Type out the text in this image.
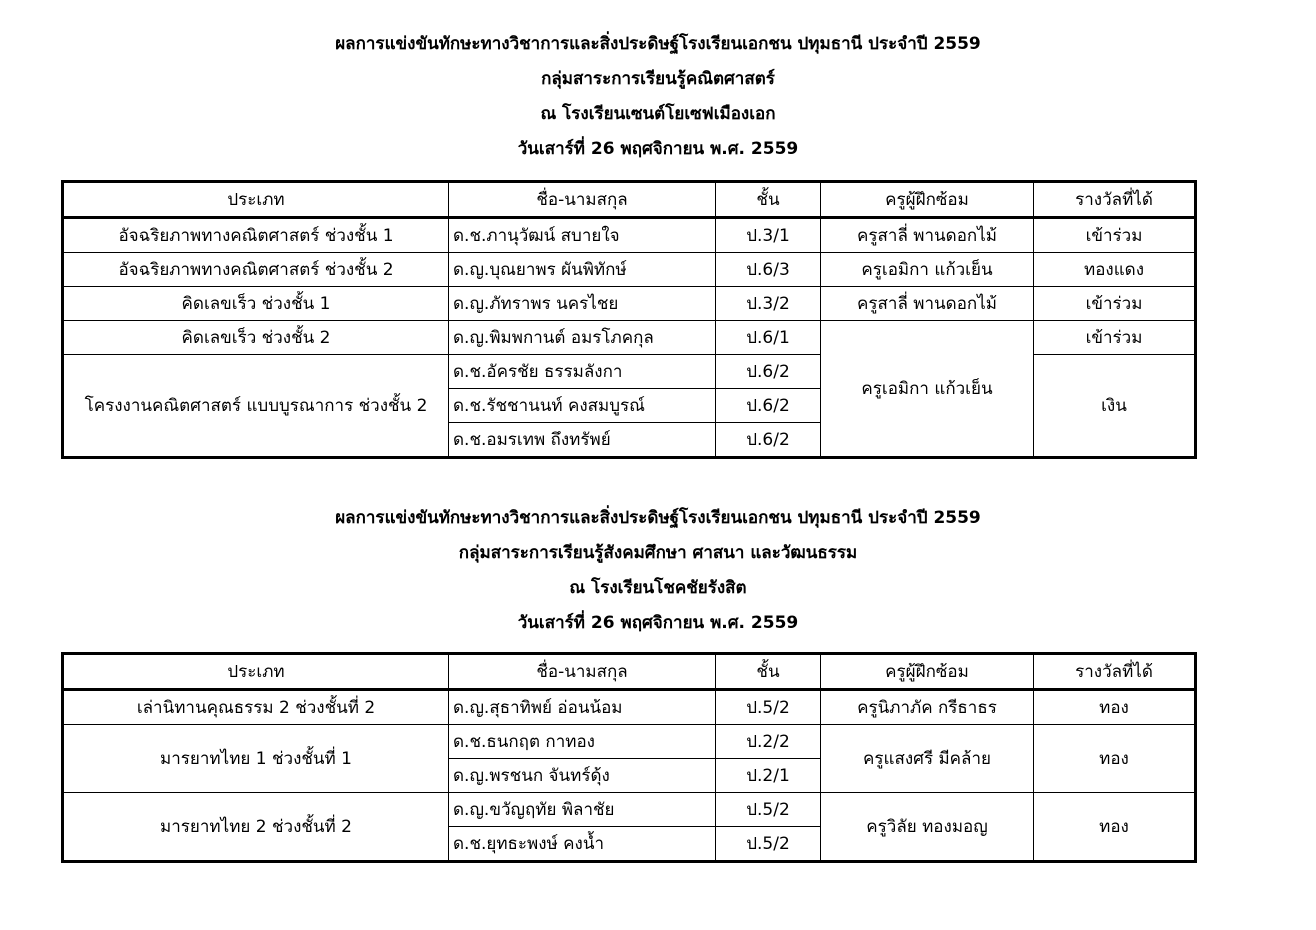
ผลการแข่งขันทักษะทางวิชาการและสิ่งประดิษฐ์โรงเรียนเอกชน ปทุมธานี ประจำปี 2559
กลุ่มสาระการเรียนรู้คณิตศาสตร์
ณ โรงเรียนเซนต์โยเซฟเมืองเอก
วันเสาร์ที่ 26 พฤศจิกายน พ.ศ. 2559
ประเภท	ชื่อ-นามสกุล	ชั้น	ครูผู้ฝึกซ้อม	รางวัลที่ได้
อัจฉริยภาพทางคณิตศาสตร์ ช่วงชั้น 1	ด.ช.ภานุวัฒน์ สบายใจ	ป.3/1	ครูสาลี่ พานดอกไม้	เข้าร่วม
อัจฉริยภาพทางคณิตศาสตร์ ช่วงชั้น 2	ด.ญ.บุณยาพร ผันพิทักษ์	ป.6/3	ครูเอมิกา แก้วเย็น	ทองแดง
คิดเลขเร็ว ช่วงชั้น 1	ด.ญ.ภัทราพร นครไชย	ป.3/2	ครูสาลี่ พานดอกไม้	เข้าร่วม
คิดเลขเร็ว ช่วงชั้น 2	ด.ญ.พิมพกานต์ อมรโภคกุล	ป.6/1	ครูเอมิกา แก้วเย็น	เข้าร่วม
โครงงานคณิตศาสตร์ แบบบูรณาการ ช่วงชั้น 2	ด.ช.อัครชัย ธรรมลังกา	ป.6/2		เงิน
	ด.ช.รัชชานนท์ คงสมบูรณ์	ป.6/2		
	ด.ช.อมรเทพ ถึงทรัพย์	ป.6/2		
ผลการแข่งขันทักษะทางวิชาการและสิ่งประดิษฐ์โรงเรียนเอกชน ปทุมธานี ประจำปี 2559
กลุ่มสาระการเรียนรู้สังคมศึกษา ศาสนา และวัฒนธรรม
ณ โรงเรียนโชคชัยรังสิต
วันเสาร์ที่ 26 พฤศจิกายน พ.ศ. 2559
ประเภท	ชื่อ-นามสกุล	ชั้น	ครูผู้ฝึกซ้อม	รางวัลที่ได้
เล่านิทานคุณธรรม 2 ช่วงชั้นที่ 2	ด.ญ.สุธาทิพย์ อ่อนน้อม	ป.5/2	ครูนิภาภัค กรีธาธร	ทอง
มารยาทไทย 1 ช่วงชั้นที่ 1	ด.ช.ธนกฤต กาทอง	ป.2/2	ครูแสงศรี มีคล้าย	ทอง
	ด.ญ.พรชนก จันทร์ดุ้ง	ป.2/1		
มารยาทไทย 2 ช่วงชั้นที่ 2	ด.ญ.ขวัญฤทัย พิลาชัย	ป.5/2	ครูวิลัย ทองมอญ	ทอง
	ด.ช.ยุทธะพงษ์ คงน้ำ	ป.5/2		
